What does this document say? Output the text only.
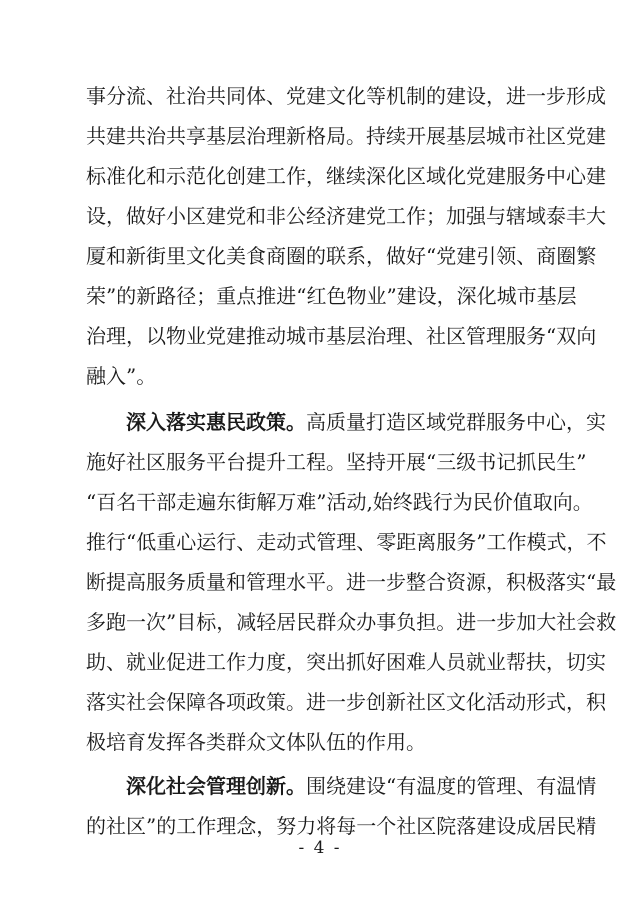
事分流、社治共同体、党建文化等机制的建设，进一步形成
共建共治共享基层治理新格局。持续开展基层城市社区党建
标准化和示范化创建工作，继续深化区域化党建服务中心建
设，做好小区建党和非公经济建党工作；加强与辖域泰丰大
厦和新街里文化美食商圈的联系，做好“党建引领、商圈繁
荣”的新路径；重点推进“红色物业”建设，深化城市基层
治理，以物业党建推动城市基层治理、社区管理服务“双向
融入”。
深入落实惠民政策。高质量打造区域党群服务中心，实
施好社区服务平台提升工程。坚持开展“三级书记抓民生”
“百名干部走遍东街解万难”活动,始终践行为民价值取向。
推行“低重心运行、走动式管理、零距离服务”工作模式，不
断提高服务质量和管理水平。进一步整合资源，积极落实“最
多跑一次”目标，减轻居民群众办事负担。进一步加大社会救
助、就业促进工作力度，突出抓好困难人员就业帮扶，切实
落实社会保障各项政策。进一步创新社区文化活动形式，积
极培育发挥各类群众文体队伍的作用。
深化社会管理创新。围绕建设“有温度的管理、有温情
的社区”的工作理念，努力将每一个社区院落建设成居民精
- 4 -
